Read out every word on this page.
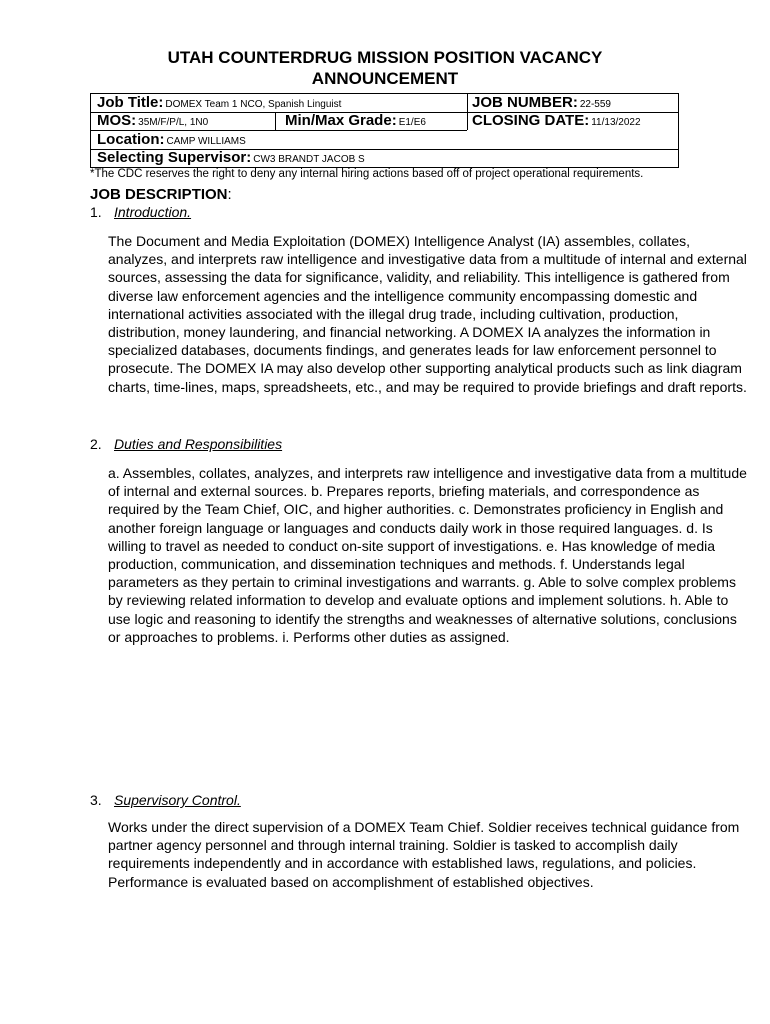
UTAH COUNTERDRUG MISSION POSITION VACANCY
ANNOUNCEMENT
Job Title: DOMEX Team 1 NCO, Spanish Linguist	JOB NUMBER: 22-559
MOS: 35M/F/P/L, 1N0	Min/Max Grade: E1/E6	CLOSING DATE: 11/13/2022
Location: CAMP WILLIAMS
Selecting Supervisor: CW3 BRANDT JACOB S
*The CDC reserves the right to deny any internal hiring actions based off of project operational requirements.
JOB DESCRIPTION:
1. Introduction.
The Document and Media Exploitation (DOMEX) Intelligence Analyst (IA) assembles, collates, analyzes, and interprets raw intelligence and investigative data from a multitude of internal and external sources, assessing the data for significance, validity, and reliability. This intelligence is gathered from diverse law enforcement agencies and the intelligence community encompassing domestic and international activities associated with the illegal drug trade, including cultivation, production, distribution, money laundering, and financial networking. A DOMEX IA analyzes the information in specialized databases, documents findings, and generates leads for law enforcement personnel to prosecute. The DOMEX IA may also develop other supporting analytical products such as link diagram charts, time-lines, maps, spreadsheets, etc., and may be required to provide briefings and draft reports.
2. Duties and Responsibilities
a. Assembles, collates, analyzes, and interprets raw intelligence and investigative data from a multitude of internal and external sources. b. Prepares reports, briefing materials, and correspondence as required by the Team Chief, OIC, and higher authorities. c. Demonstrates proficiency in English and another foreign language or languages and conducts daily work in those required languages. d. Is willing to travel as needed to conduct on-site support of investigations. e. Has knowledge of media production, communication, and dissemination techniques and methods. f. Understands legal parameters as they pertain to criminal investigations and warrants. g. Able to solve complex problems by reviewing related information to develop and evaluate options and implement solutions. h. Able to use logic and reasoning to identify the strengths and weaknesses of alternative solutions, conclusions or approaches to problems. i. Performs other duties as assigned.
3. Supervisory Control.
Works under the direct supervision of a DOMEX Team Chief. Soldier receives technical guidance from partner agency personnel and through internal training. Soldier is tasked to accomplish daily requirements independently and in accordance with established laws, regulations, and policies. Performance is evaluated based on accomplishment of established objectives.
